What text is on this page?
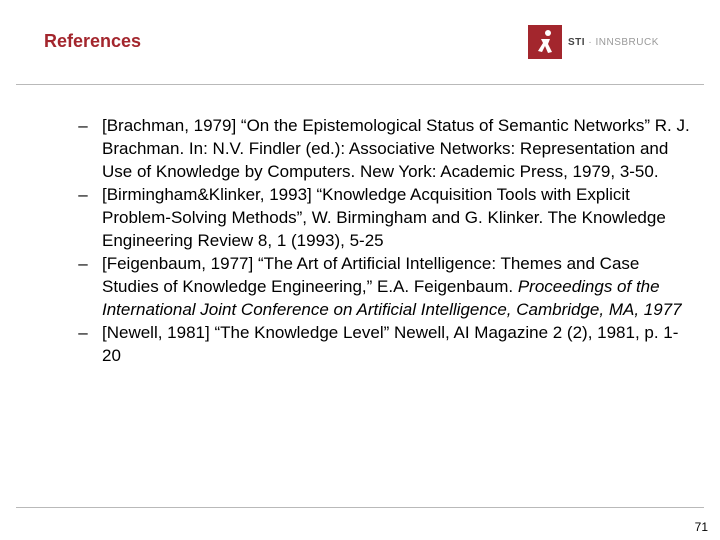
References	STI · INNSBRUCK
– [Brachman, 1979] “On the Epistemological Status of Semantic Networks” R. J. Brachman. In: N.V. Findler (ed.): Associative Networks: Representation and Use of Knowledge by Computers. New York: Academic Press, 1979, 3-50.
– [Birmingham&Klinker, 1993] “Knowledge Acquisition Tools with Explicit Problem-Solving Methods”, W. Birmingham and G. Klinker. The Knowledge Engineering Review 8, 1 (1993), 5-25
– [Feigenbaum, 1977] “The Art of Artificial Intelligence: Themes and Case Studies of Knowledge Engineering,” E.A. Feigenbaum. Proceedings of the International Joint Conference on Artificial Intelligence, Cambridge, MA, 1977
– [Newell, 1981] “The Knowledge Level” Newell, AI Magazine 2 (2), 1981, p. 1-20
71
